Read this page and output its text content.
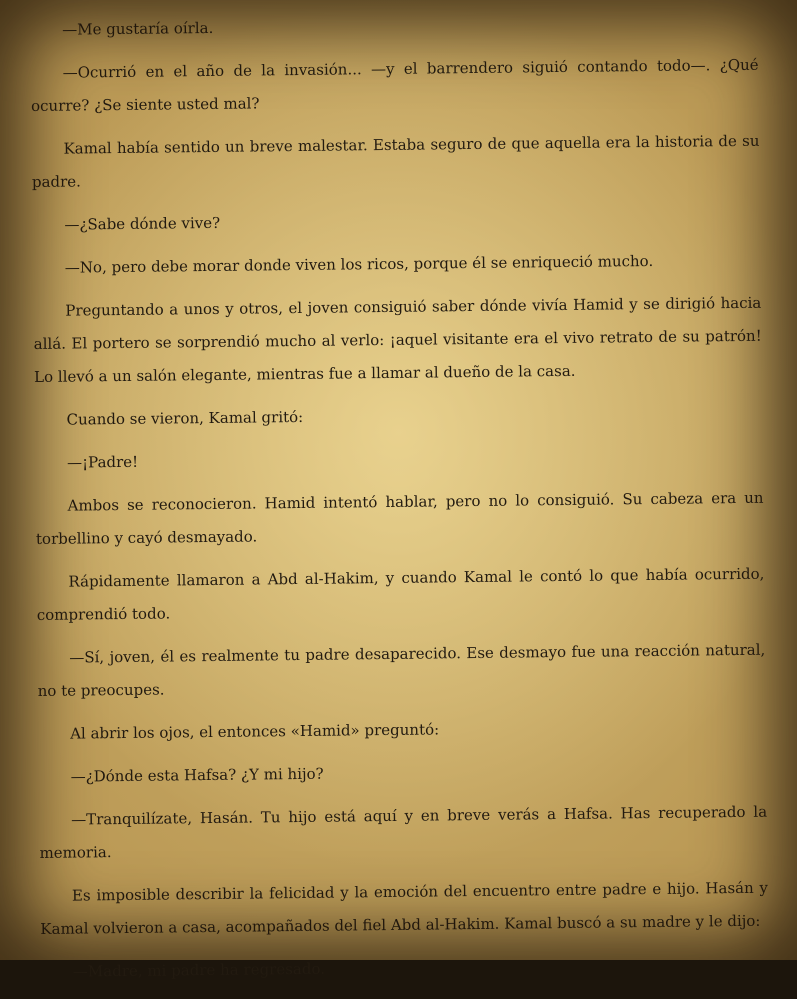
—Me gustaría oírla.

—Ocurrió en el año de la invasión... —y el barrendero siguió contando todo—. ¿Qué ocurre? ¿Se siente usted mal?

Kamal había sentido un breve malestar. Estaba seguro de que aquella era la historia de su padre.

—¿Sabe dónde vive?

—No, pero debe morar donde viven los ricos, porque él se enriqueció mucho.

Preguntando a unos y otros, el joven consiguió saber dónde vivía Hamid y se dirigió hacia allá. El portero se sorprendió mucho al verlo: ¡aquel visitante era el vivo retrato de su patrón! Lo llevó a un salón elegante, mientras fue a llamar al dueño de la casa.

Cuando se vieron, Kamal gritó:

—¡Padre!

Ambos se reconocieron. Hamid intentó hablar, pero no lo consiguió. Su cabeza era un torbellino y cayó desmayado.

Rápidamente llamaron a Abd al-Hakim, y cuando Kamal le contó lo que había ocurrido, comprendió todo.

—Sí, joven, él es realmente tu padre desaparecido. Ese desmayo fue una reacción natural, no te preocupes.

Al abrir los ojos, el entonces «Hamid» preguntó:

—¿Dónde esta Hafsa? ¿Y mi hijo?

—Tranquilízate, Hasán. Tu hijo está aquí y en breve verás a Hafsa. Has recuperado la memoria.

Es imposible describir la felicidad y la emoción del encuentro entre padre e hijo. Hasán y Kamal volvieron a casa, acompañados del fiel Abd al-Hakim. Kamal buscó a su madre y le dijo:

—Madre, mi padre ha regresado.
